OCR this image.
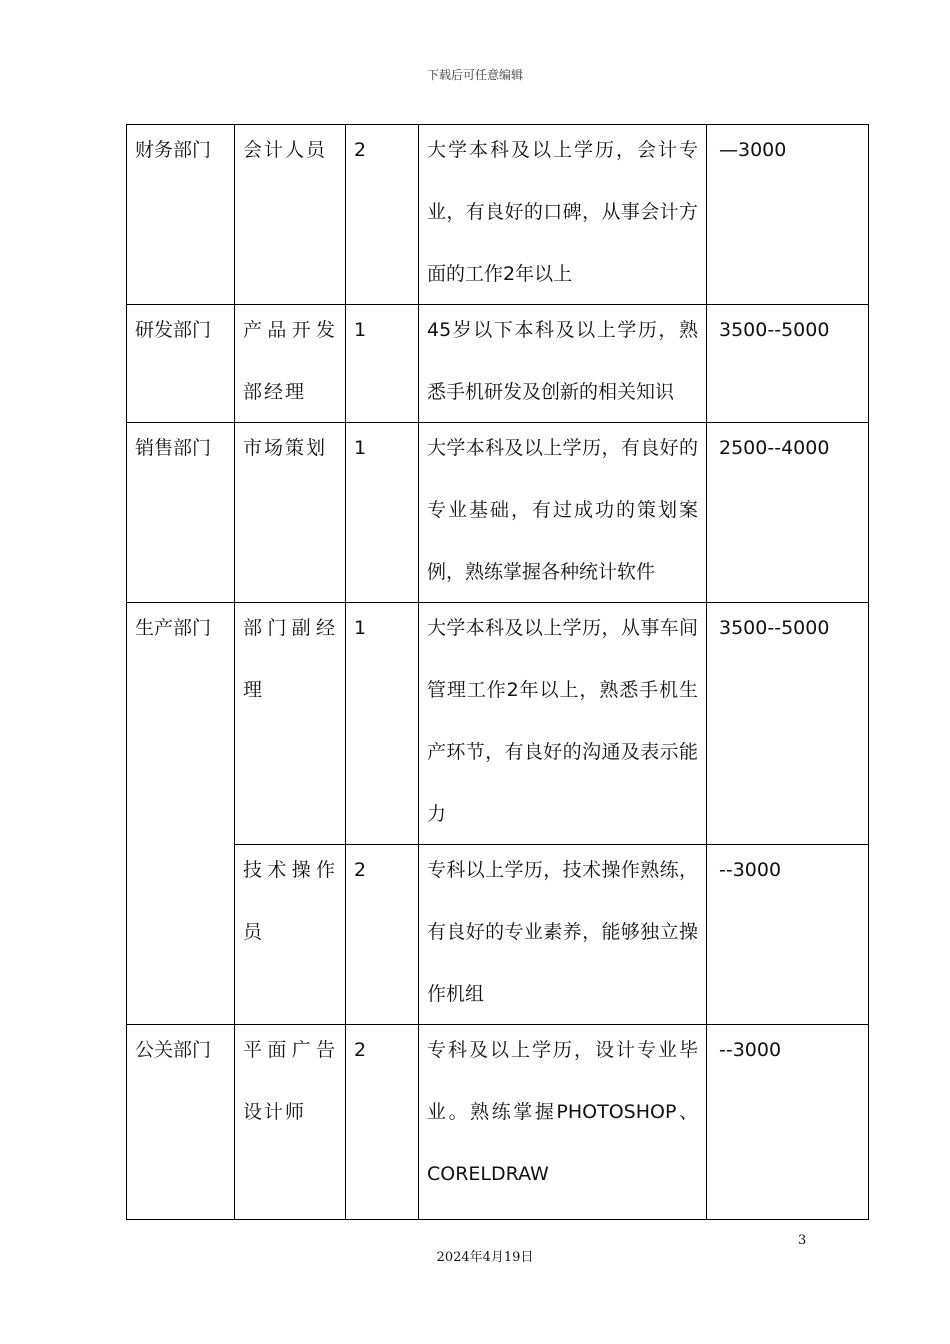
下载后可任意编辑
财务部门	会计人员	2	大学本科及以上学历，会计专业，有良好的口碑，从事会计方面的工作2年以上	—3000

研发部门	产品开发部经理	1	45岁以下本科及以上学历，熟悉手机研发及创新的相关知识	3500--5000

销售部门	市场策划	1	大学本科及以上学历，有良好的专业基础，有过成功的策划案例，熟练掌握各种统计软件	2500--4000

生产部门	部门副经理	1	大学本科及以上学历，从事车间管理工作2年以上，熟悉手机生产环节，有良好的沟通及表示能力	3500--5000

	技术操作员	2	专科以上学历，技术操作熟练，有良好的专业素养，能够独立操作机组	--3000

公关部门	平面广告设计师	2	专科及以上学历，设计专业毕业。熟练掌握PHOTOSHOP、CORELDRAW	--3000
3
2024年4月19日
